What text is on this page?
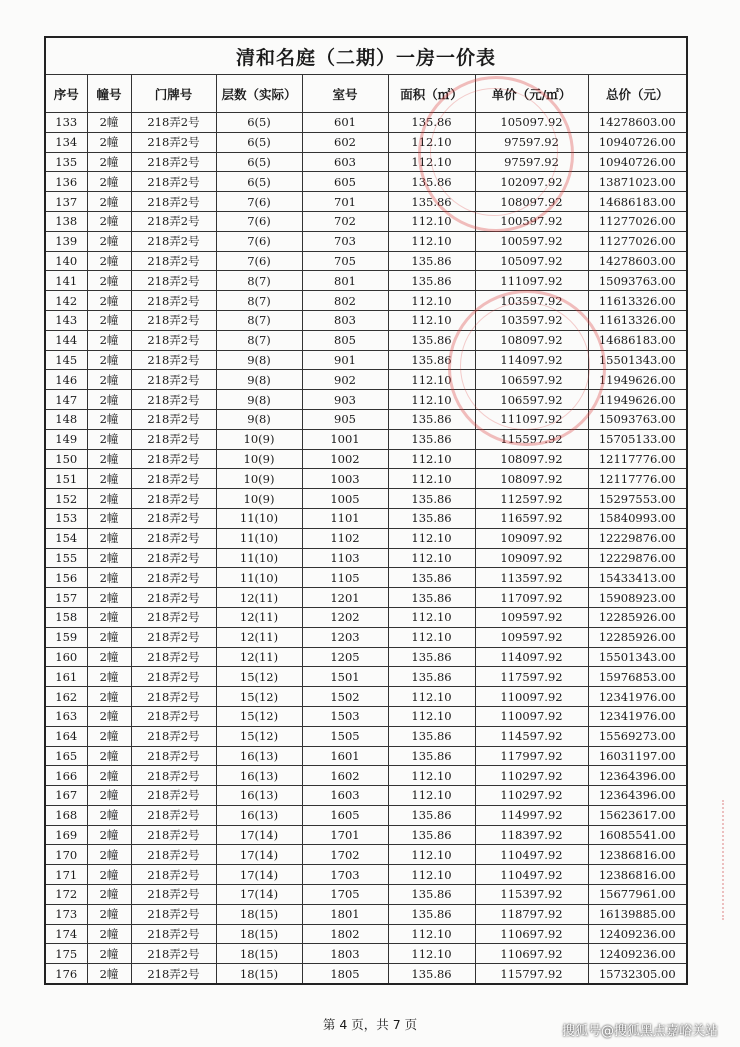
清和名庭（二期）一房一价表							
序号	幢号	门牌号	层数（实际）	室号	面积（㎡）	单价（元/㎡）	总价（元）
133	2幢	218弄2号	6(5)	601	135.86	105097.92	14278603.00
134	2幢	218弄2号	6(5)	602	112.10	97597.92	10940726.00
135	2幢	218弄2号	6(5)	603	112.10	97597.92	10940726.00
136	2幢	218弄2号	6(5)	605	135.86	102097.92	13871023.00
137	2幢	218弄2号	7(6)	701	135.86	108097.92	14686183.00
138	2幢	218弄2号	7(6)	702	112.10	100597.92	11277026.00
139	2幢	218弄2号	7(6)	703	112.10	100597.92	11277026.00
140	2幢	218弄2号	7(6)	705	135.86	105097.92	14278603.00
141	2幢	218弄2号	8(7)	801	135.86	111097.92	15093763.00
142	2幢	218弄2号	8(7)	802	112.10	103597.92	11613326.00
143	2幢	218弄2号	8(7)	803	112.10	103597.92	11613326.00
144	2幢	218弄2号	8(7)	805	135.86	108097.92	14686183.00
145	2幢	218弄2号	9(8)	901	135.86	114097.92	15501343.00
146	2幢	218弄2号	9(8)	902	112.10	106597.92	11949626.00
147	2幢	218弄2号	9(8)	903	112.10	106597.92	11949626.00
148	2幢	218弄2号	9(8)	905	135.86	111097.92	15093763.00
149	2幢	218弄2号	10(9)	1001	135.86	115597.92	15705133.00
150	2幢	218弄2号	10(9)	1002	112.10	108097.92	12117776.00
151	2幢	218弄2号	10(9)	1003	112.10	108097.92	12117776.00
152	2幢	218弄2号	10(9)	1005	135.86	112597.92	15297553.00
153	2幢	218弄2号	11(10)	1101	135.86	116597.92	15840993.00
154	2幢	218弄2号	11(10)	1102	112.10	109097.92	12229876.00
155	2幢	218弄2号	11(10)	1103	112.10	109097.92	12229876.00
156	2幢	218弄2号	11(10)	1105	135.86	113597.92	15433413.00
157	2幢	218弄2号	12(11)	1201	135.86	117097.92	15908923.00
158	2幢	218弄2号	12(11)	1202	112.10	109597.92	12285926.00
159	2幢	218弄2号	12(11)	1203	112.10	109597.92	12285926.00
160	2幢	218弄2号	12(11)	1205	135.86	114097.92	15501343.00
161	2幢	218弄2号	15(12)	1501	135.86	117597.92	15976853.00
162	2幢	218弄2号	15(12)	1502	112.10	110097.92	12341976.00
163	2幢	218弄2号	15(12)	1503	112.10	110097.92	12341976.00
164	2幢	218弄2号	15(12)	1505	135.86	114597.92	15569273.00
165	2幢	218弄2号	16(13)	1601	135.86	117997.92	16031197.00
166	2幢	218弄2号	16(13)	1602	112.10	110297.92	12364396.00
167	2幢	218弄2号	16(13)	1603	112.10	110297.92	12364396.00
168	2幢	218弄2号	16(13)	1605	135.86	114997.92	15623617.00
169	2幢	218弄2号	17(14)	1701	135.86	118397.92	16085541.00
170	2幢	218弄2号	17(14)	1702	112.10	110497.92	12386816.00
171	2幢	218弄2号	17(14)	1703	112.10	110497.92	12386816.00
172	2幢	218弄2号	17(14)	1705	135.86	115397.92	15677961.00
173	2幢	218弄2号	18(15)	1801	135.86	118797.92	16139885.00
174	2幢	218弄2号	18(15)	1802	112.10	110697.92	12409236.00
175	2幢	218弄2号	18(15)	1803	112.10	110697.92	12409236.00
176	2幢	218弄2号	18(15)	1805	135.86	115797.92	15732305.00
第 4 页，共 7 页	搜狐号@搜狐黑点嘉峪关站
